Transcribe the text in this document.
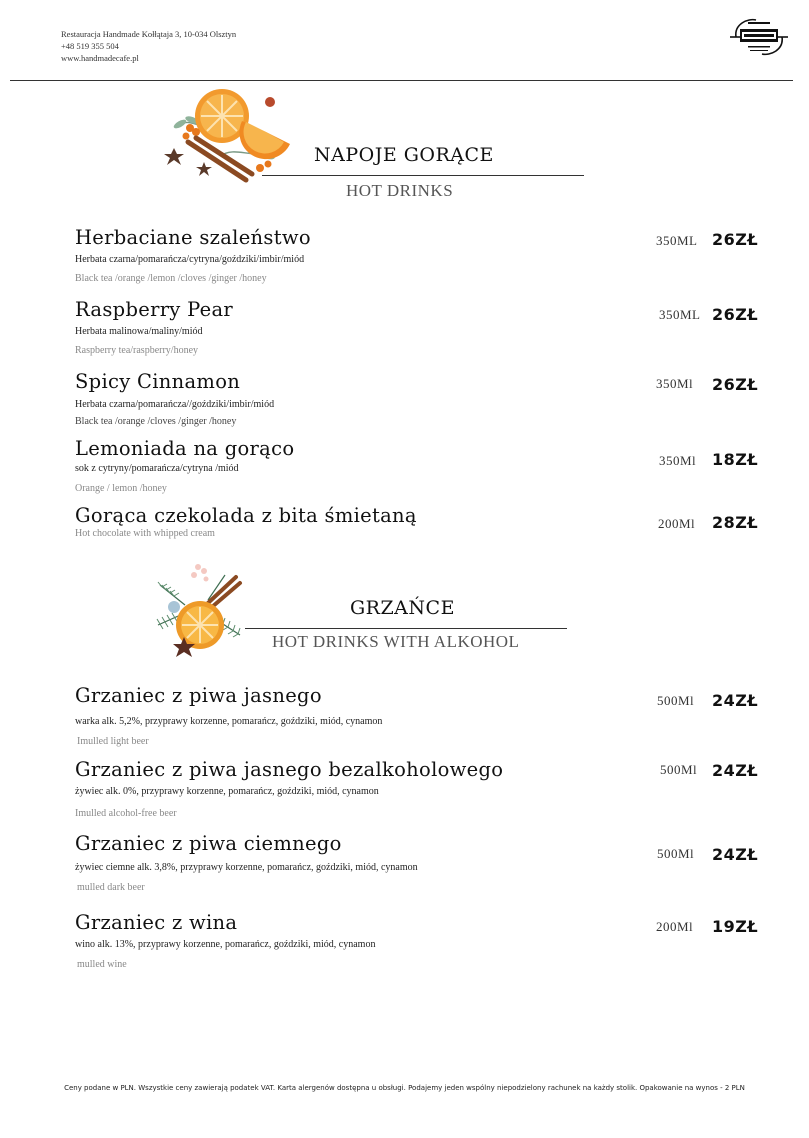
Restauracja Handmade Kołłątaja 3, 10-034 Olsztyn
+48 519 355 504
www.handmadecafe.pl
NAPOJE GORĄCE
HOT DRINKS
Herbaciane szaleństwo
Herbata czarna/pomarańcza/cytryna/goździki/imbir/miód
Black tea /orange /lemon /cloves /ginger /honey
350ML 26ZŁ
Raspberry Pear
Herbata malinowa/maliny/miód
Raspberry tea/raspberry/honey
350ML 26ZŁ
Spicy Cinnamon
Herbata czarna/pomarańcza//goździki/imbir/miód
Black tea /orange /cloves /ginger /honey
350Ml 26ZŁ
Lemoniada na gorąco
sok z cytryny/pomarańcza/cytryna /miód
Orange / lemon /honey
350Ml 18ZŁ
Gorąca czekolada z bita śmietaną
Hot chocolate with whipped cream
200Ml 28ZŁ
GRZAŃCE
HOT DRINKS WITH ALKOHOL
Grzaniec z piwa jasnego
warka alk. 5,2%, przyprawy korzenne, pomarańcz, goździki, miód, cynamon
Imulled light beer
500Ml 24ZŁ
Grzaniec z piwa jasnego bezalkoholowego
żywiec alk. 0%, przyprawy korzenne, pomarańcz, goździki, miód, cynamon
Imulled alcohol-free beer
500Ml 24ZŁ
Grzaniec z piwa ciemnego
żywiec ciemne alk. 3,8%, przyprawy korzenne, pomarańcz, goździki, miód, cynamon
mulled dark beer
500Ml 24ZŁ
Grzaniec z wina
wino alk. 13%, przyprawy korzenne, pomarańcz, goździki, miód, cynamon
mulled wine
200Ml 19ZŁ
Ceny podane w PLN. Wszystkie ceny zawierają podatek VAT. Karta alergenów dostępna u obsługi. Podajemy jeden wspólny niepodzielony rachunek na każdy stolik. Opakowanie na wynos - 2 PLN
